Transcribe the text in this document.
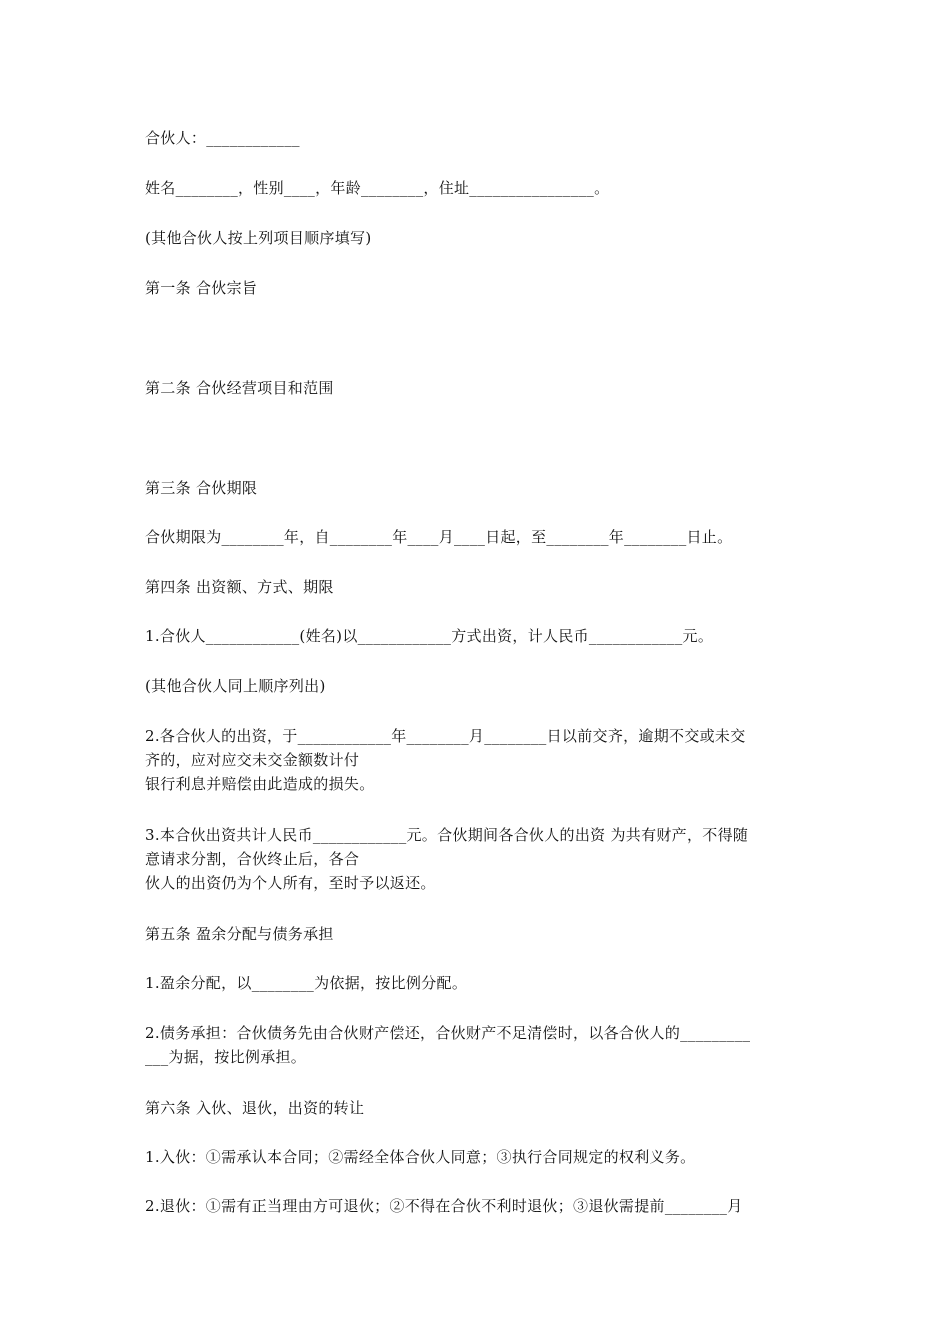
合伙人：____________
姓名________，性别____，年龄________，住址________________。
(其他合伙人按上列项目顺序填写)
第一条 合伙宗旨
第二条 合伙经营项目和范围
第三条 合伙期限
合伙期限为________年，自________年____月____日起，至________年________日止。
第四条 出资额、方式、期限
1.合伙人____________(姓名)以____________方式出资，计人民币____________元。
(其他合伙人同上顺序列出)
2.各合伙人的出资，于____________年________月________日以前交齐，逾期不交或未交
齐的，应对应交未交金额数计付
银行利息并赔偿由此造成的损失。
3.本合伙出资共计人民币____________元。合伙期间各合伙人的出资 为共有财产，不得随
意请求分割，合伙终止后，各合
伙人的出资仍为个人所有，至时予以返还。
第五条 盈余分配与债务承担
1.盈余分配，以________为依据，按比例分配。
2.债务承担：合伙债务先由合伙财产偿还，合伙财产不足清偿时，以各合伙人的_________
___为据，按比例承担。
第六条 入伙、退伙，出资的转让
1.入伙：①需承认本合同；②需经全体合伙人同意；③执行合同规定的权利义务。
2.退伙：①需有正当理由方可退伙；②不得在合伙不利时退伙；③退伙需提前________月
